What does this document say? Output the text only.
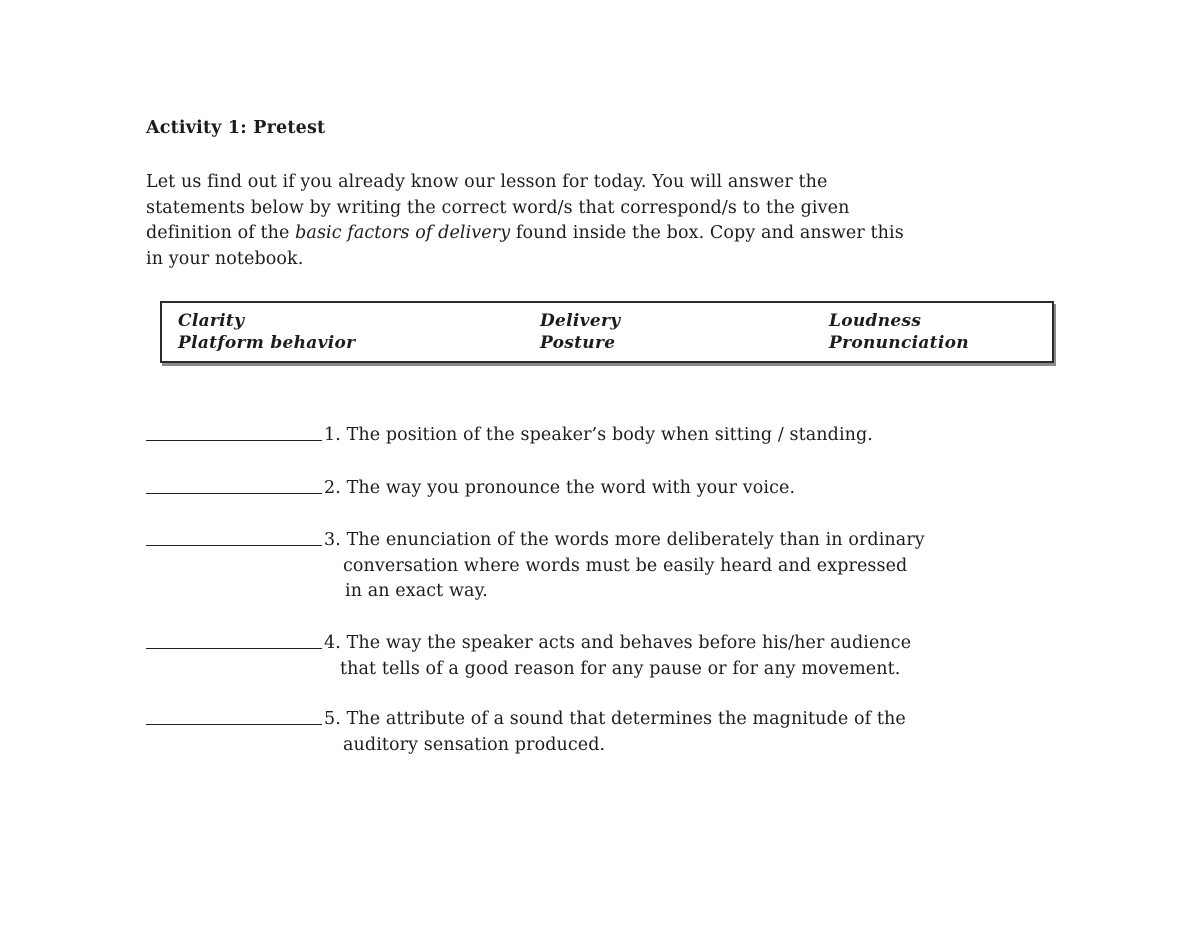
Activity 1: Pretest
Let us find out if you already know our lesson for today. You will answer the
statements below by writing the correct word/s that correspond/s to the given
definition of the basic factors of delivery found inside the box. Copy and answer this
in your notebook.
Clarity	Delivery	Loudness
Platform behavior	Posture	Pronunciation
1. The position of the speaker’s body when sitting / standing.
2. The way you pronounce the word with your voice.
3. The enunciation of the words more deliberately than in ordinary
conversation where words must be easily heard and expressed
in an exact way.
4. The way the speaker acts and behaves before his/her audience
that tells of a good reason for any pause or for any movement.
5. The attribute of a sound that determines the magnitude of the
auditory sensation produced.
